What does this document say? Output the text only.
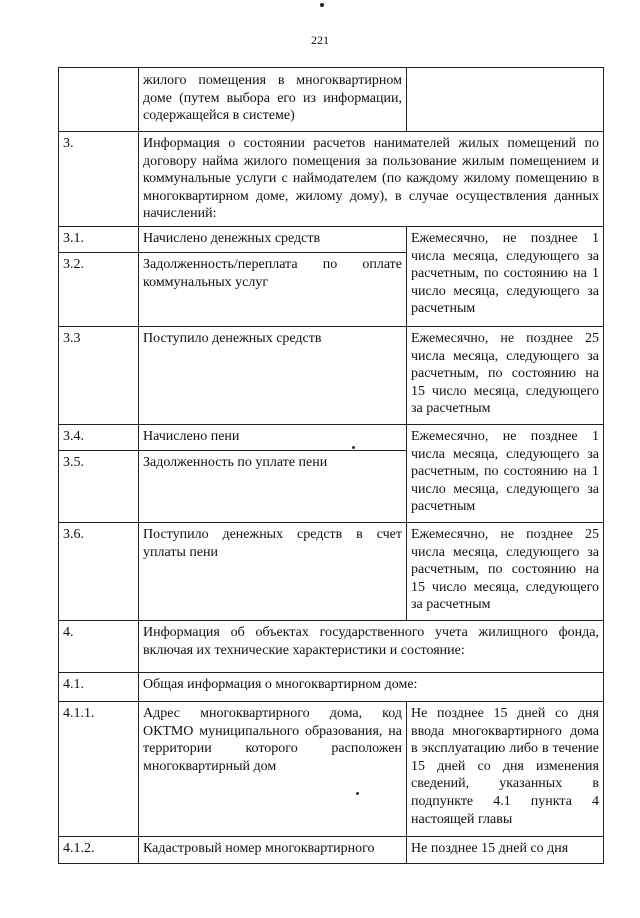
221
	жилого помещения в многоквартирном доме (путем выбора его из информации, содержащейся в системе)	
3.	Информация о состоянии расчетов нанимателей жилых помещений по договору найма жилого помещения за пользование жилым помещением и коммунальные услуги с наймодателем (по каждому жилому помещению в многоквартирном доме, жилому дому), в случае осуществления данных начислений:	
3.1.	Начислено денежных средств	Ежемесячно, не позднее 1 числа месяца, следующего за расчетным, по состоянию на 1 число месяца, следующего за расчетным
3.2.	Задолженность/переплата по оплате коммунальных услуг	
3.3	Поступило денежных средств	Ежемесячно, не позднее 25 числа месяца, следующего за расчетным, по состоянию на 15 число месяца, следующего за расчетным
3.4.	Начислено пени	Ежемесячно, не позднее 1 числа месяца, следующего за расчетным, по состоянию на 1 число месяца, следующего за расчетным
3.5.	Задолженность по уплате пени	
3.6.	Поступило денежных средств в счет уплаты пени	Ежемесячно, не позднее 25 числа месяца, следующего за расчетным, по состоянию на 15 число месяца, следующего за расчетным
4.	Информация об объектах государственного учета жилищного фонда, включая их технические характеристики и состояние:	
4.1.	Общая информация о многоквартирном доме:	
4.1.1.	Адрес многоквартирного дома, код ОКТМО муниципального образования, на территории которого расположен многоквартирный дом	Не позднее 15 дней со дня ввода многоквартирного дома в эксплуатацию либо в течение 15 дней со дня изменения сведений, указанных в подпункте 4.1 пункта 4 настоящей главы
4.1.2.	Кадастровый номер многоквартирного	Не позднее 15 дней со дня
